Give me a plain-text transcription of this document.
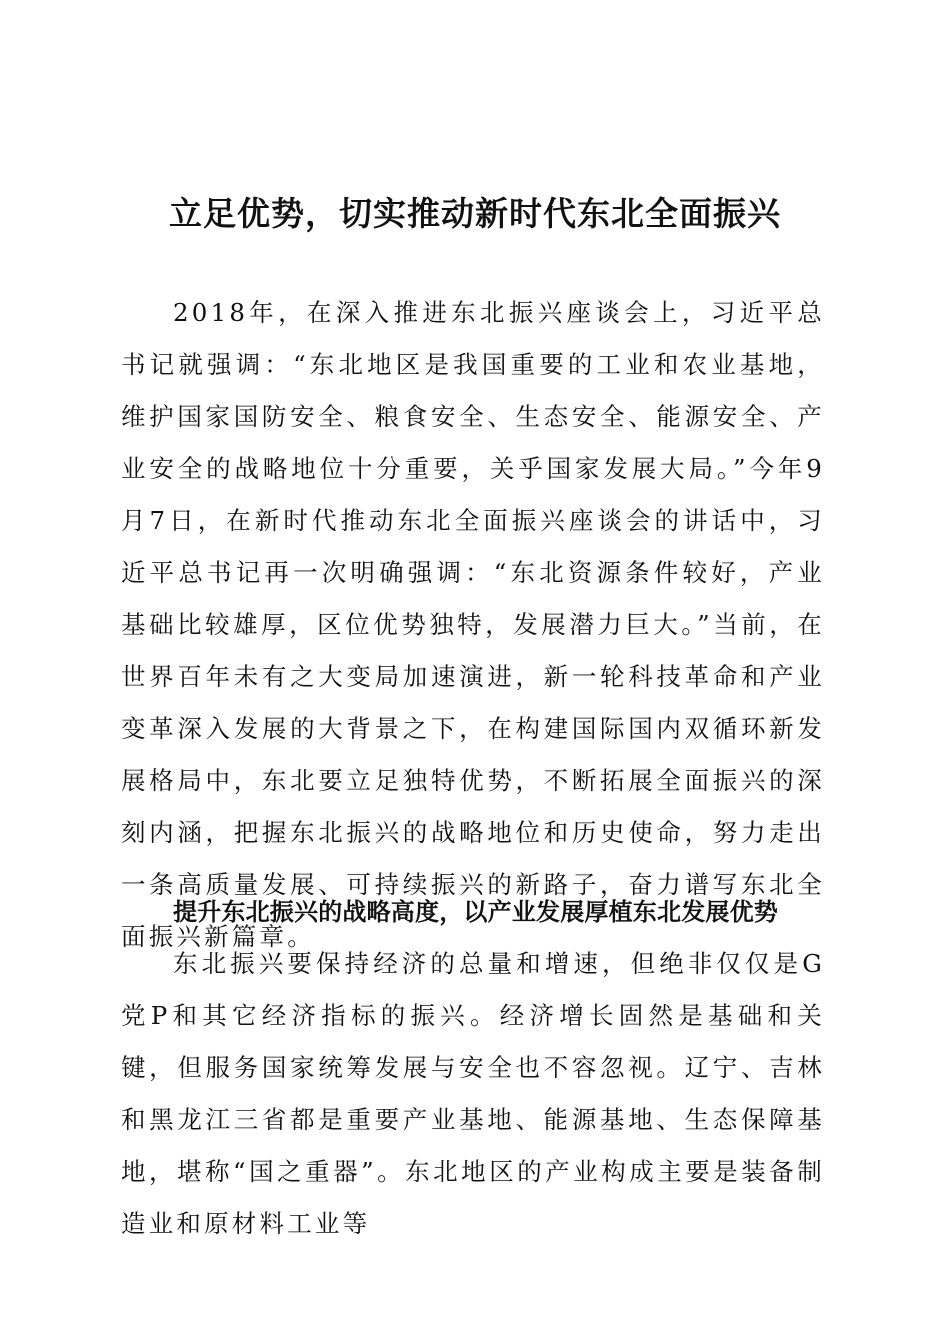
立足优势，切实推动新时代东北全面振兴

2018年，在深入推进东北振兴座谈会上，习近平总书记就强调：“东北地区是我国重要的工业和农业基地，维护国家国防安全、粮食安全、生态安全、能源安全、产业安全的战略地位十分重要，关乎国家发展大局。”今年9月7日，在新时代推动东北全面振兴座谈会的讲话中，习近平总书记再一次明确强调：“东北资源条件较好，产业基础比较雄厚，区位优势独特，发展潜力巨大。”当前，在世界百年未有之大变局加速演进，新一轮科技革命和产业变革深入发展的大背景之下，在构建国际国内双循环新发展格局中，东北要立足独特优势，不断拓展全面振兴的深刻内涵，把握东北振兴的战略地位和历史使命，努力走出一条高质量发展、可持续振兴的新路子，奋力谱写东北全面振兴新篇章。

提升东北振兴的战略高度，以产业发展厚植东北发展优势

东北振兴要保持经济的总量和增速，但绝非仅仅是G党P和其它经济指标的振兴。经济增长固然是基础和关键，但服务国家统筹发展与安全也不容忽视。辽宁、吉林和黑龙江三省都是重要产业基地、能源基地、生态保障基地，堪称“国之重器”。东北地区的产业构成主要是装备制造业和原材料工业等
